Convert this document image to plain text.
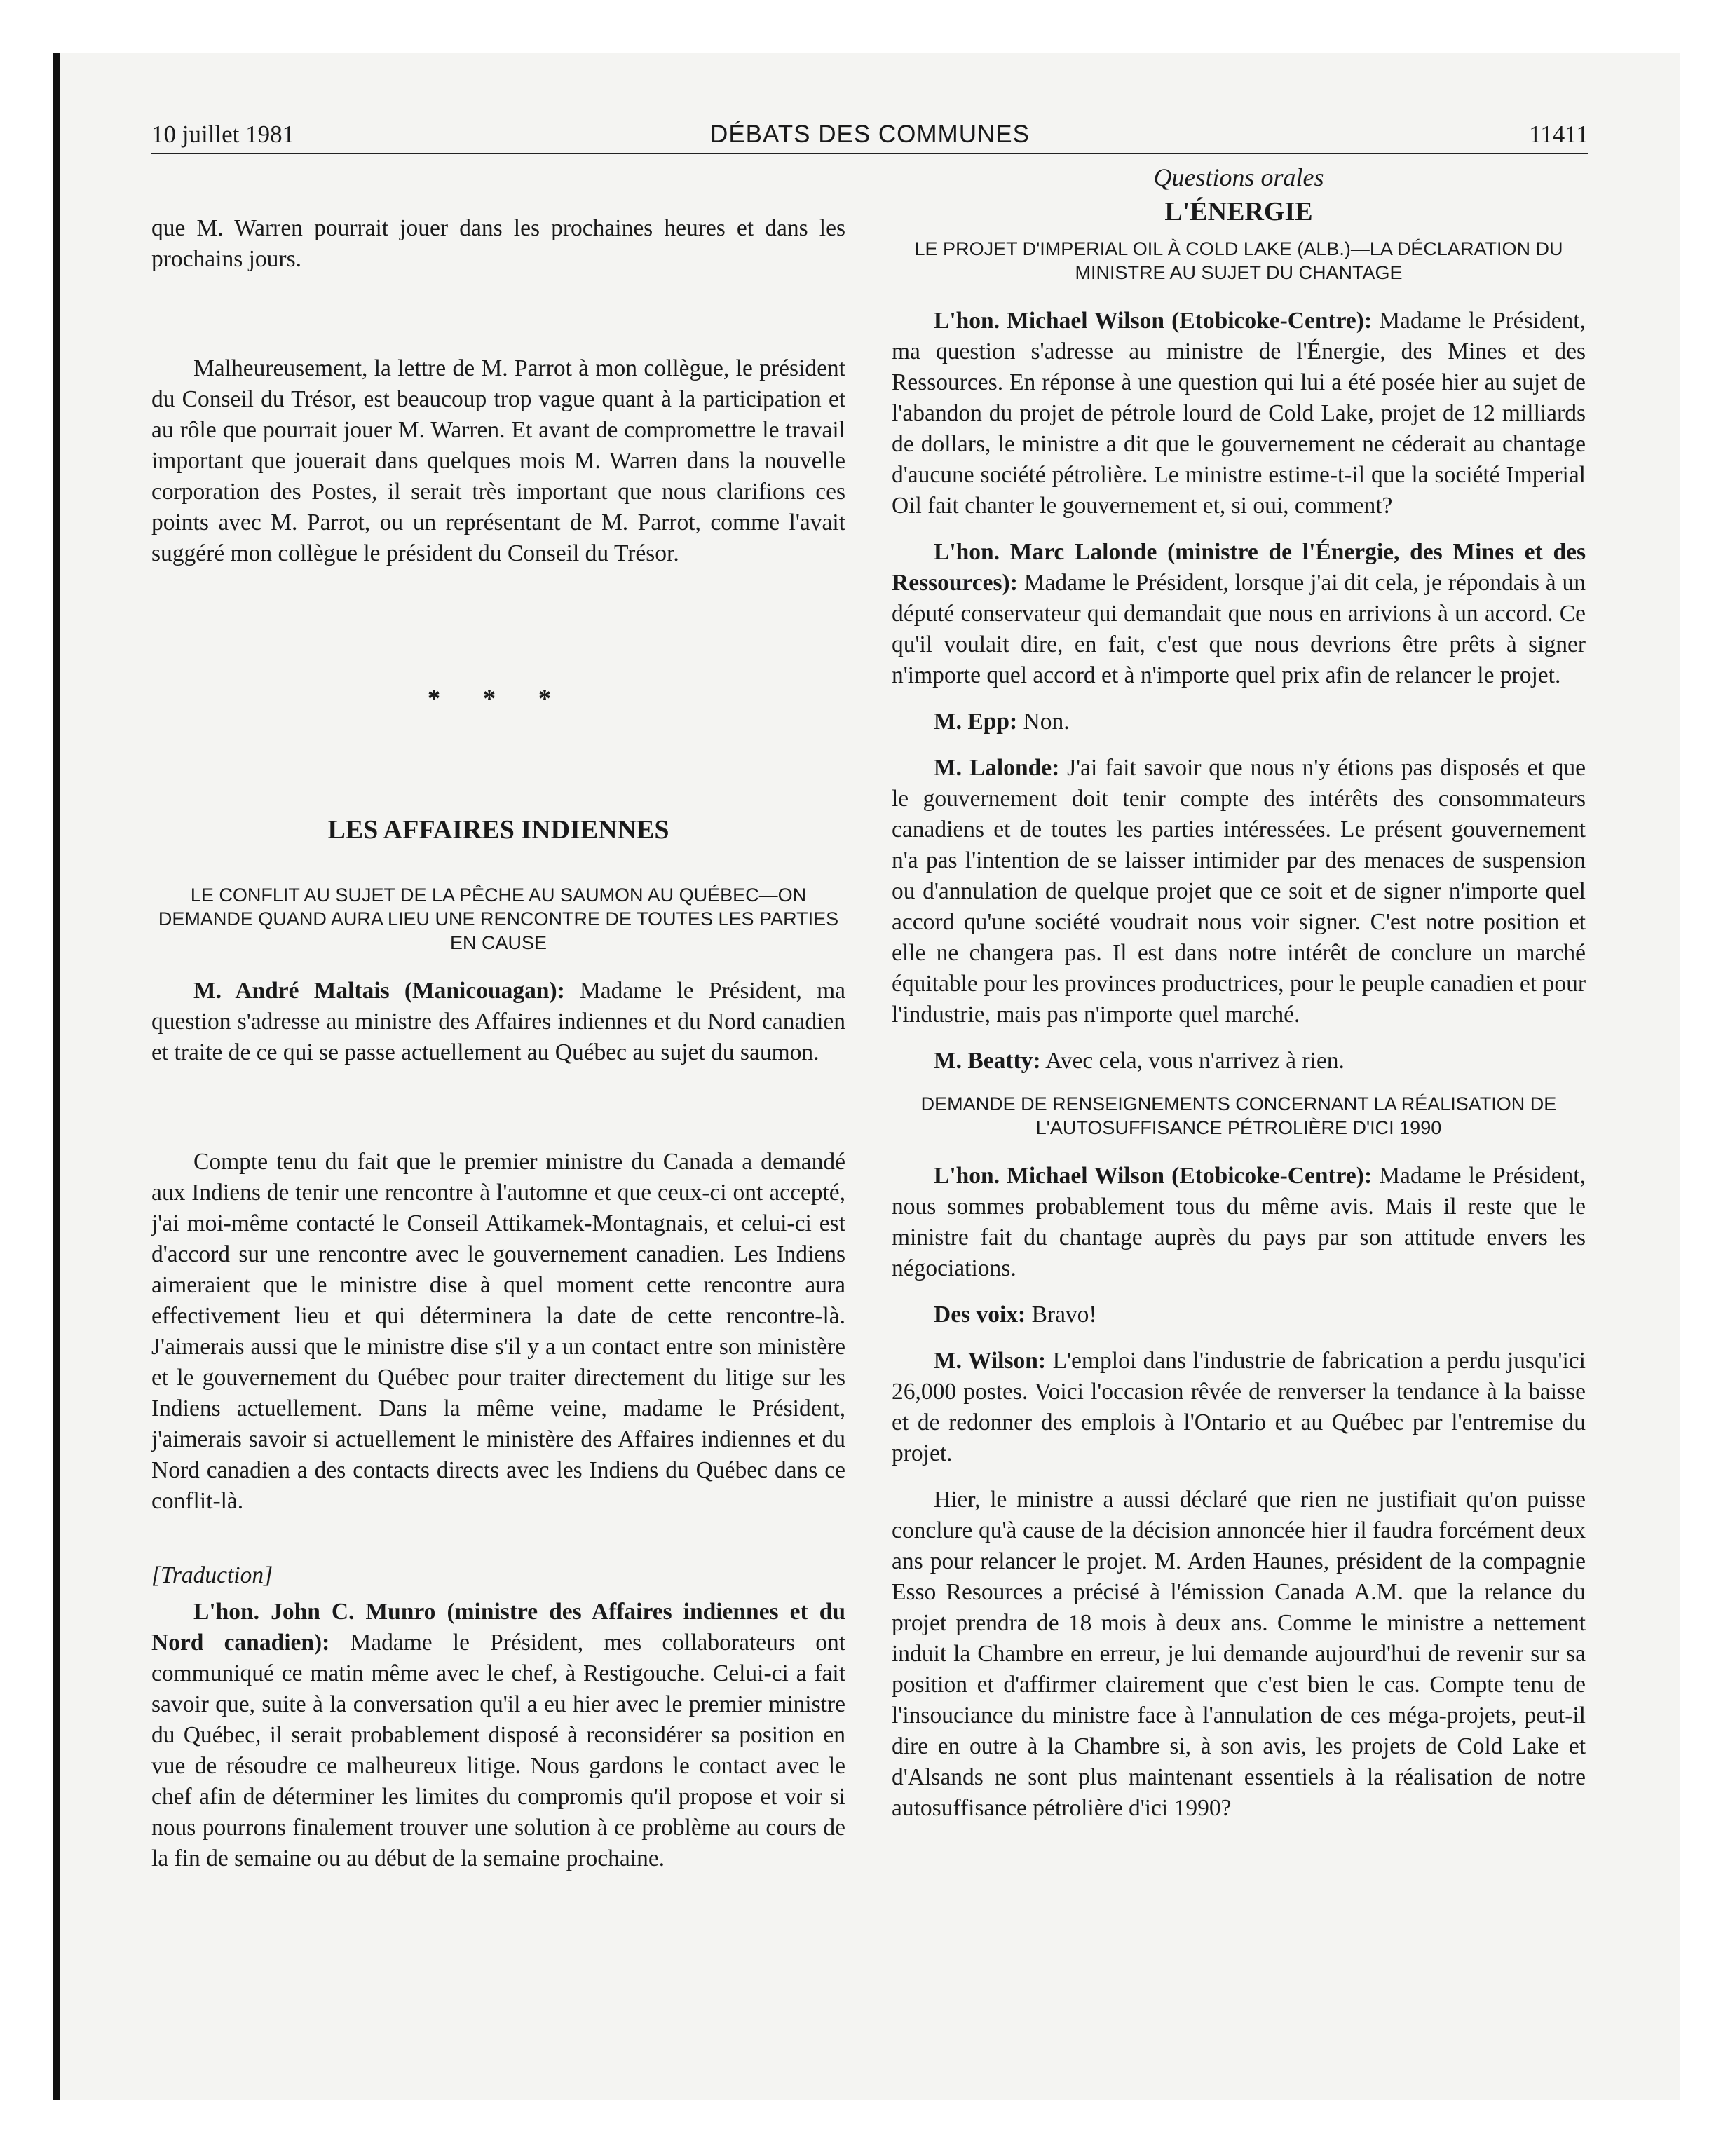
10 juillet 1981	DÉBATS DES COMMUNES	11411

que M. Warren pourrait jouer dans les prochaines heures et dans les prochains jours.

Malheureusement, la lettre de M. Parrot à mon collègue, le président du Conseil du Trésor, est beaucoup trop vague quant à la participation et au rôle que pourrait jouer M. Warren. Et avant de compromettre le travail important que jouerait dans quelques mois M. Warren dans la nouvelle corporation des Postes, il serait très important que nous clarifions ces points avec M. Parrot, ou un représentant de M. Parrot, comme l'avait suggéré mon collègue le président du Conseil du Trésor.

* * *

LES AFFAIRES INDIENNES

LE CONFLIT AU SUJET DE LA PÊCHE AU SAUMON AU QUÉBEC—ON DEMANDE QUAND AURA LIEU UNE RENCONTRE DE TOUTES LES PARTIES EN CAUSE

M. André Maltais (Manicouagan): Madame le Président, ma question s'adresse au ministre des Affaires indiennes et du Nord canadien et traite de ce qui se passe actuellement au Québec au sujet du saumon.

Compte tenu du fait que le premier ministre du Canada a demandé aux Indiens de tenir une rencontre à l'automne et que ceux-ci ont accepté, j'ai moi-même contacté le Conseil Attikamek-Montagnais, et celui-ci est d'accord sur une rencontre avec le gouvernement canadien. Les Indiens aimeraient que le ministre dise à quel moment cette rencontre aura effectivement lieu et qui déterminera la date de cette rencontre-là. J'aimerais aussi que le ministre dise s'il y a un contact entre son ministère et le gouvernement du Québec pour traiter directement du litige sur les Indiens actuellement. Dans la même veine, madame le Président, j'aimerais savoir si actuellement le ministère des Affaires indiennes et du Nord canadien a des contacts directs avec les Indiens du Québec dans ce conflit-là.

[Traduction]

L'hon. John C. Munro (ministre des Affaires indiennes et du Nord canadien): Madame le Président, mes collaborateurs ont communiqué ce matin même avec le chef, à Restigouche. Celui-ci a fait savoir que, suite à la conversation qu'il a eu hier avec le premier ministre du Québec, il serait probablement disposé à reconsidérer sa position en vue de résoudre ce malheureux litige. Nous gardons le contact avec le chef afin de déterminer les limites du compromis qu'il propose et voir si nous pourrons finalement trouver une solution à ce problème au cours de la fin de semaine ou au début de la semaine prochaine.

Questions orales

L'ÉNERGIE

LE PROJET D'IMPERIAL OIL À COLD LAKE (ALB.)—LA DÉCLARATION DU MINISTRE AU SUJET DU CHANTAGE

L'hon. Michael Wilson (Etobicoke-Centre): Madame le Président, ma question s'adresse au ministre de l'Énergie, des Mines et des Ressources. En réponse à une question qui lui a été posée hier au sujet de l'abandon du projet de pétrole lourd de Cold Lake, projet de 12 milliards de dollars, le ministre a dit que le gouvernement ne céderait au chantage d'aucune société pétrolière. Le ministre estime-t-il que la société Imperial Oil fait chanter le gouvernement et, si oui, comment?

L'hon. Marc Lalonde (ministre de l'Énergie, des Mines et des Ressources): Madame le Président, lorsque j'ai dit cela, je répondais à un député conservateur qui demandait que nous en arrivions à un accord. Ce qu'il voulait dire, en fait, c'est que nous devrions être prêts à signer n'importe quel accord et à n'importe quel prix afin de relancer le projet.

M. Epp: Non.

M. Lalonde: J'ai fait savoir que nous n'y étions pas disposés et que le gouvernement doit tenir compte des intérêts des consommateurs canadiens et de toutes les parties intéressées. Le présent gouvernement n'a pas l'intention de se laisser intimider par des menaces de suspension ou d'annulation de quelque projet que ce soit et de signer n'importe quel accord qu'une société voudrait nous voir signer. C'est notre position et elle ne changera pas. Il est dans notre intérêt de conclure un marché équitable pour les provinces productrices, pour le peuple canadien et pour l'industrie, mais pas n'importe quel marché.

M. Beatty: Avec cela, vous n'arrivez à rien.

DEMANDE DE RENSEIGNEMENTS CONCERNANT LA RÉALISATION DE L'AUTOSUFFISANCE PÉTROLIÈRE D'ICI 1990

L'hon. Michael Wilson (Etobicoke-Centre): Madame le Président, nous sommes probablement tous du même avis. Mais il reste que le ministre fait du chantage auprès du pays par son attitude envers les négociations.

Des voix: Bravo!

M. Wilson: L'emploi dans l'industrie de fabrication a perdu jusqu'ici 26,000 postes. Voici l'occasion rêvée de renverser la tendance à la baisse et de redonner des emplois à l'Ontario et au Québec par l'entremise du projet.

Hier, le ministre a aussi déclaré que rien ne justifiait qu'on puisse conclure qu'à cause de la décision annoncée hier il faudra forcément deux ans pour relancer le projet. M. Arden Haunes, président de la compagnie Esso Resources a précisé à l'émission Canada A.M. que la relance du projet prendra de 18 mois à deux ans. Comme le ministre a nettement induit la Chambre en erreur, je lui demande aujourd'hui de revenir sur sa position et d'affirmer clairement que c'est bien le cas. Compte tenu de l'insouciance du ministre face à l'annulation de ces méga-projets, peut-il dire en outre à la Chambre si, à son avis, les projets de Cold Lake et d'Alsands ne sont plus maintenant essentiels à la réalisation de notre autosuffisance pétrolière d'ici 1990?
